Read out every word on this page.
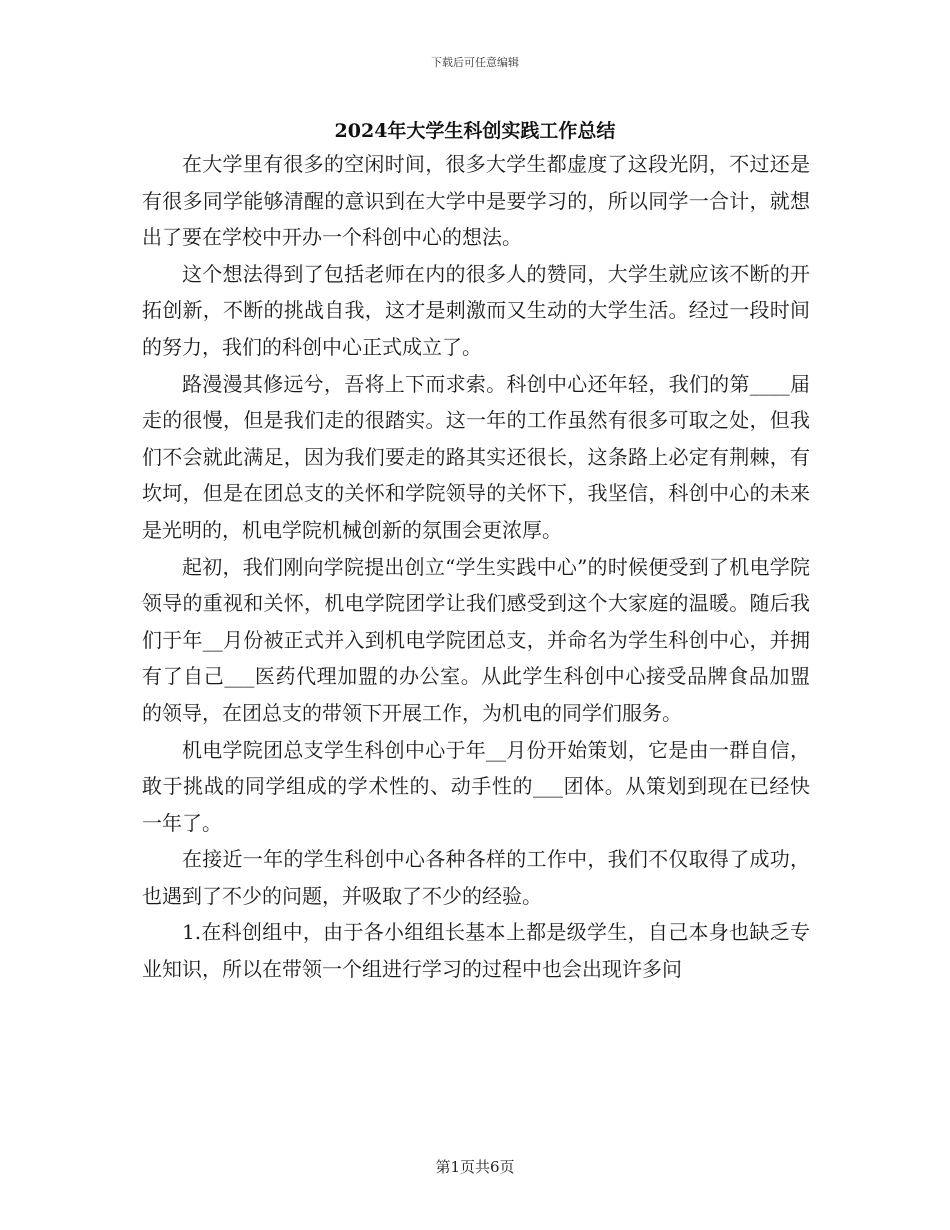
下载后可任意编辑
2024年大学生科创实践工作总结

在大学里有很多的空闲时间，很多大学生都虚度了这段光阴，不过还是有很多同学能够清醒的意识到在大学中是要学习的，所以同学一合计，就想出了要在学校中开办一个科创中心的想法。

这个想法得到了包括老师在内的很多人的赞同，大学生就应该不断的开拓创新，不断的挑战自我，这才是刺激而又生动的大学生活。经过一段时间的努力，我们的科创中心正式成立了。

路漫漫其修远兮，吾将上下而求索。科创中心还年轻，我们的第____届走的很慢，但是我们走的很踏实。这一年的工作虽然有很多可取之处，但我们不会就此满足，因为我们要走的路其实还很长，这条路上必定有荆棘，有坎坷，但是在团总支的关怀和学院领导的关怀下，我坚信，科创中心的未来是光明的，机电学院机械创新的氛围会更浓厚。

起初，我们刚向学院提出创立“学生实践中心”的时候便受到了机电学院领导的重视和关怀，机电学院团学让我们感受到这个大家庭的温暖。随后我们于年__月份被正式并入到机电学院团总支，并命名为学生科创中心，并拥有了自己___医药代理加盟的办公室。从此学生科创中心接受品牌食品加盟的领导，在团总支的带领下开展工作，为机电的同学们服务。

机电学院团总支学生科创中心于年__月份开始策划，它是由一群自信，敢于挑战的同学组成的学术性的、动手性的___团体。从策划到现在已经快一年了。

在接近一年的学生科创中心各种各样的工作中，我们不仅取得了成功，也遇到了不少的问题，并吸取了不少的经验。

1.在科创组中，由于各小组组长基本上都是级学生，自己本身也缺乏专业知识，所以在带领一个组进行学习的过程中也会出现许多问

第1页共6页
